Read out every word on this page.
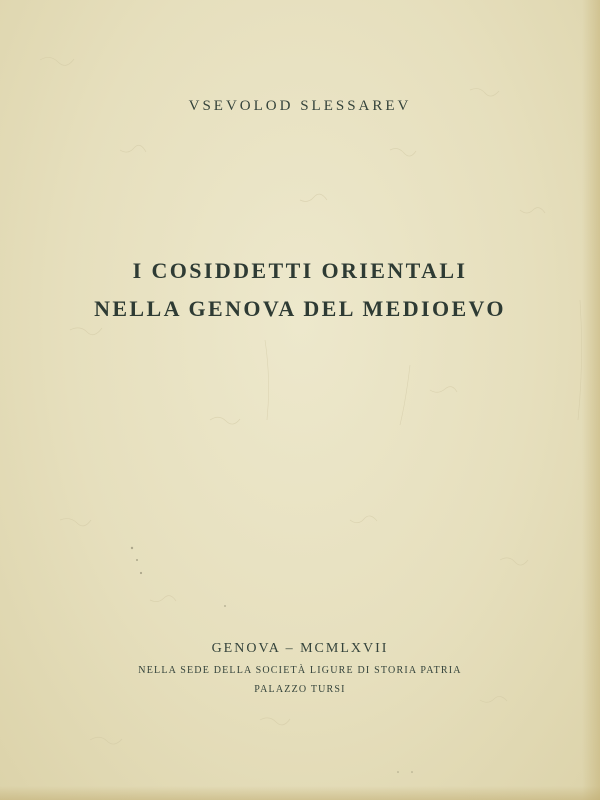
VSEVOLOD SLESSAREV
I COSIDDETTI ORIENTALI
NELLA GENOVA DEL MEDIOEVO
GENOVA – MCMLXVII
NELLA SEDE DELLA SOCIETÀ LIGURE DI STORIA PATRIA
PALAZZO TURSI
